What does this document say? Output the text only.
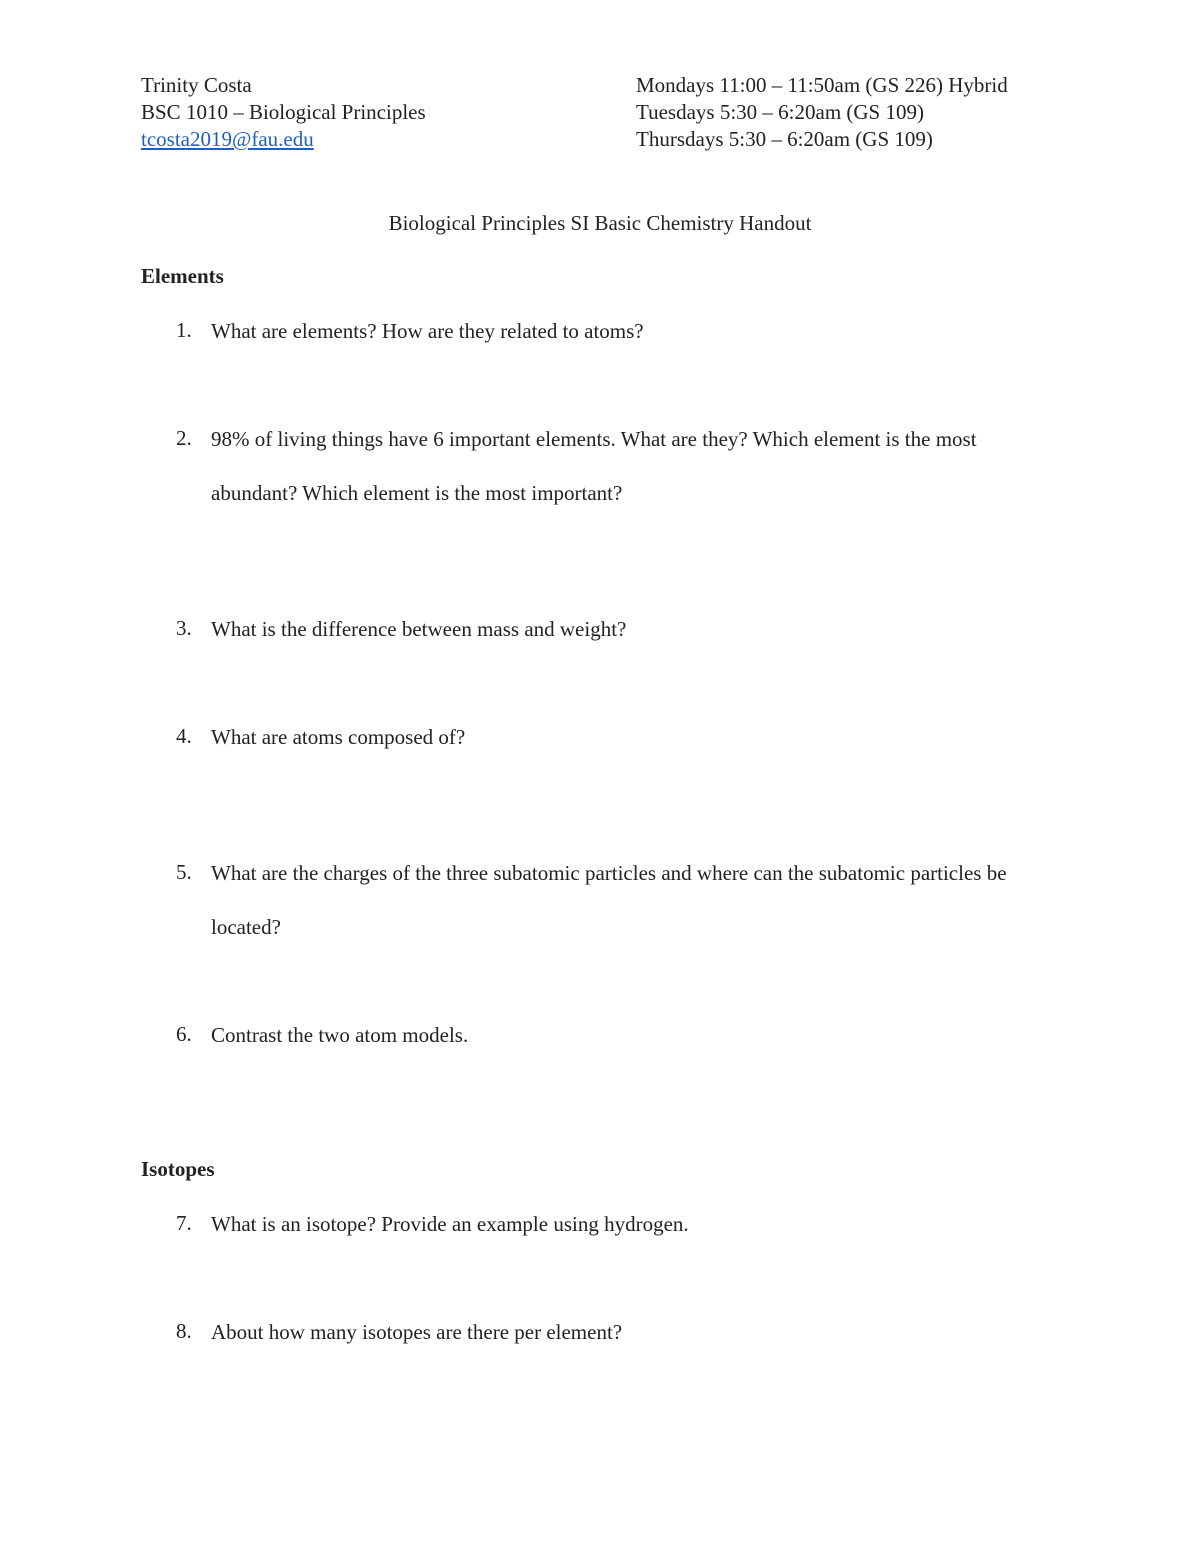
Trinity Costa
BSC 1010 – Biological Principles
tcosta2019@fau.edu
Mondays 11:00 – 11:50am (GS 226) Hybrid
Tuesdays 5:30 – 6:20am (GS 109)
Thursdays 5:30 – 6:20am (GS 109)
Biological Principles SI Basic Chemistry Handout
Elements
1. What are elements? How are they related to atoms?
2. 98% of living things have 6 important elements. What are they? Which element is the most abundant? Which element is the most important?
3. What is the difference between mass and weight?
4. What are atoms composed of?
5. What are the charges of the three subatomic particles and where can the subatomic particles be located?
6. Contrast the two atom models.
Isotopes
7. What is an isotope? Provide an example using hydrogen.
8. About how many isotopes are there per element?
